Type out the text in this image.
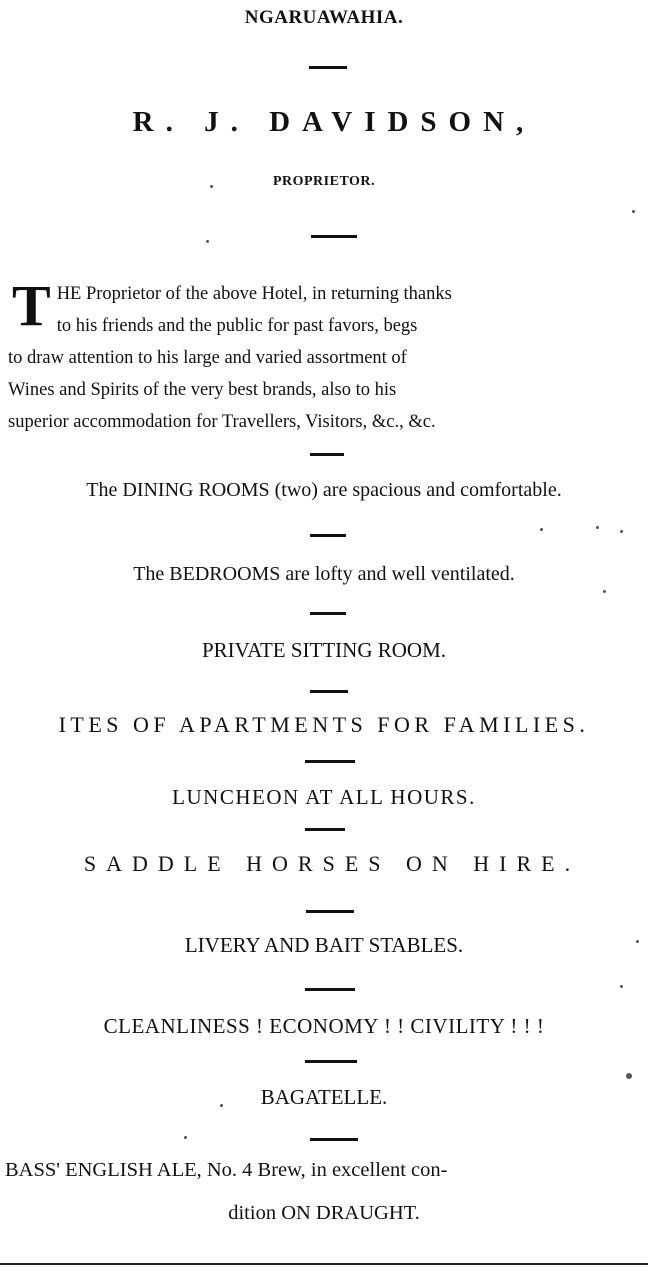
NGARUAWAHIA.
R. J. DAVIDSON,
PROPRIETOR.
T HE Proprietor of the above Hotel, in returning thanks
to his friends and the public for past favors, begs
to draw attention to his large and varied assortment of
Wines and Spirits of the very best brands, also to his
superior accommodation for Travellers, Visitors, &c., &c.
The DINING ROOMS (two) are spacious and comfortable.
The BEDROOMS are lofty and well ventilated.
PRIVATE SITTING ROOM.
ITES OF APARTMENTS FOR FAMILIES.
LUNCHEON AT ALL HOURS.
SADDLE HORSES ON HIRE.
LIVERY AND BAIT STABLES.
CLEANLINESS ! ECONOMY ! ! CIVILITY ! ! !
BAGATELLE.
BASS' ENGLISH ALE, No. 4 Brew, in excellent con-
dition ON DRAUGHT.
